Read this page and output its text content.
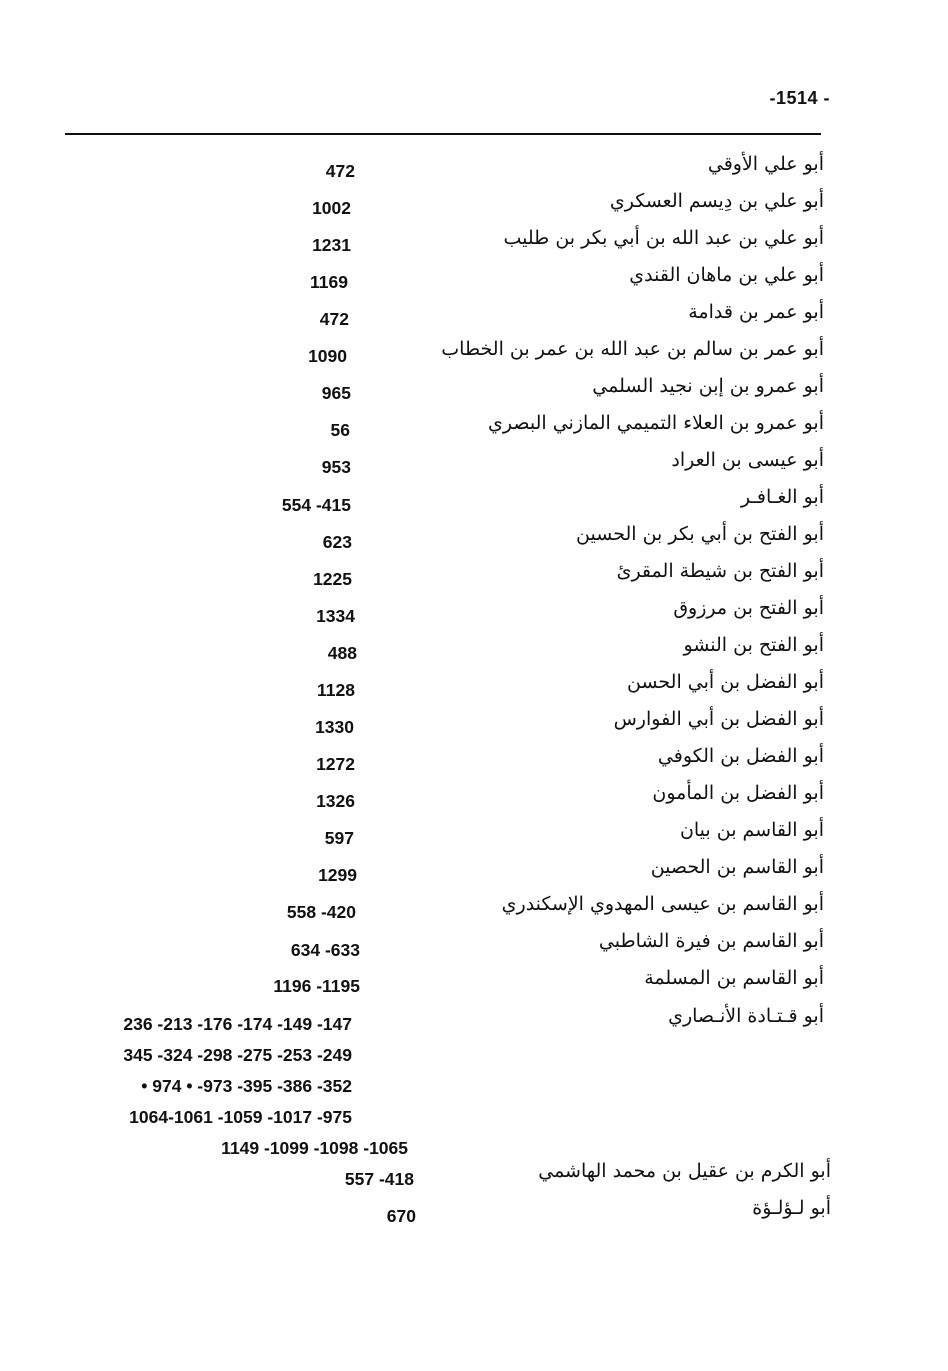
-1514 -
أبو علي الأوقي
472
أبو علي بن دِيسم العسكري
1002
أبو علي بن عبد الله بن أبي بكر بن طليب
1231
أبو علي بن ماهان القندي
1169
أبو عمر بن قدامة
472
أبو عمر بن سالم بن عبد الله بن عمر بن الخطاب
1090
أبو عمرو بن إبن نجيد السلمي
965
أبو عمرو بن العلاء التميمي المازني البصري
56
أبو عيسى بن العراد
953
أبو الغـافـر
554 -415
أبو الفتح بن أبي بكر بن الحسين
623
أبو الفتح بن شيطة المقرئ
1225
أبو الفتح بن مرزوق
1334
أبو الفتح بن النشو
488
أبو الفضل بن أبي الحسن
1128
أبو الفضل بن أبي الفوارس
1330
أبو الفضل بن الكوفي
1272
أبو الفضل بن المأمون
1326
أبو القاسم بن بيان
597
أبو القاسم بن الحصين
1299
أبو القاسم بن عيسى المهدوي الإسكندري
558 -420
أبو القاسم بن فيرة الشاطبي
634 -633
أبو القاسم بن المسلمة
1196 -1195
أبو قـتـادة الأنـصاري
236 -213 -176 -174 -149 -147
345 -324 -298 -275 -253 -249
• 974 • -973 -395 -386 -352
1064-1061 -1059 -1017 -975
1149 -1099 -1098 -1065
أبو الكرم بن عقيل بن محمد الهاشمي
557 -418
أبو لـؤلـؤة
670
